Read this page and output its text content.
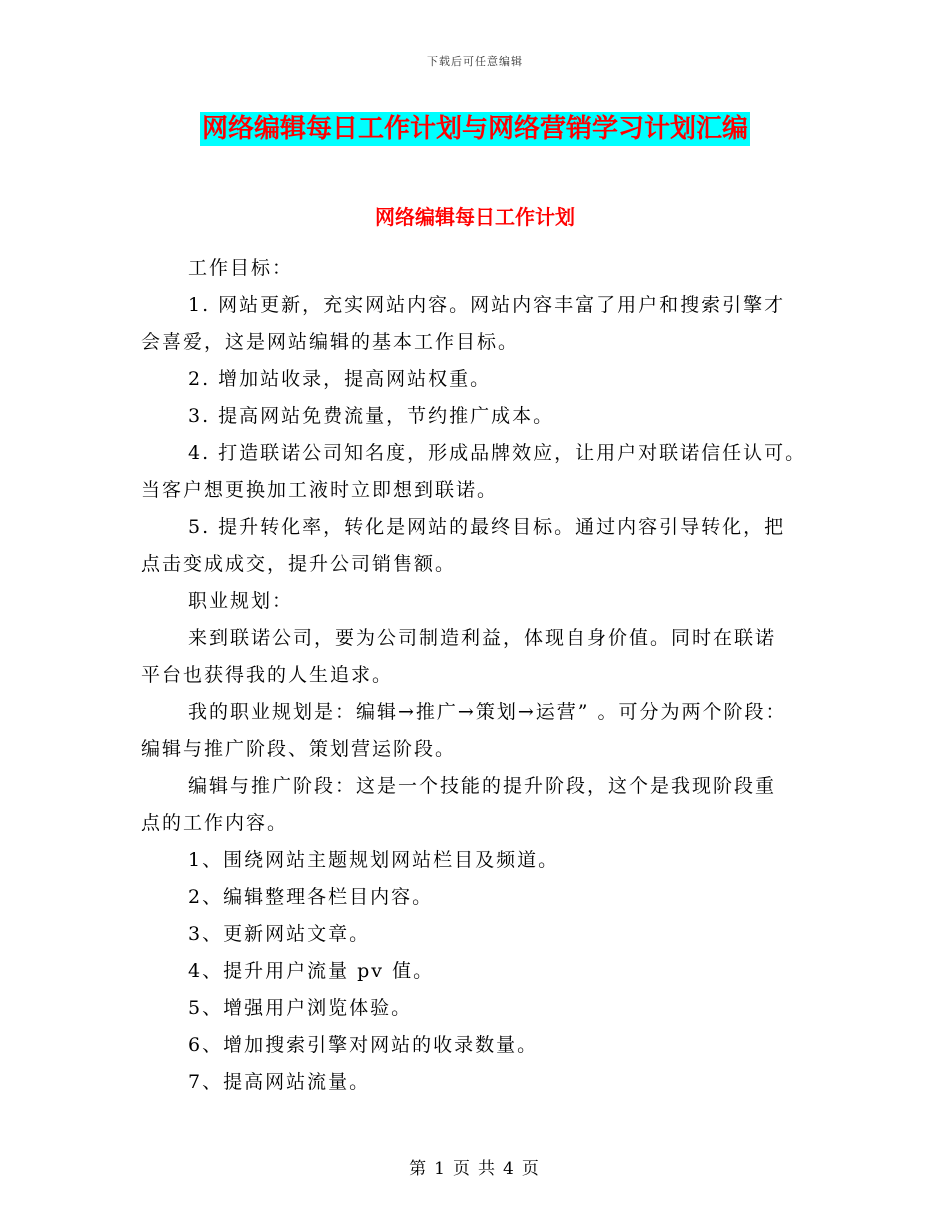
下载后可任意编辑
网络编辑每日工作计划与网络营销学习计划汇编
网络编辑每日工作计划

工作目标：

1. 网站更新，充实网站内容。网站内容丰富了用户和搜索引擎才
会喜爱，这是网站编辑的基本工作目标。

2. 增加站收录，提高网站权重。

3. 提高网站免费流量，节约推广成本。

4. 打造联诺公司知名度，形成品牌效应，让用户对联诺信任认可。
当客户想更换加工液时立即想到联诺。

5. 提升转化率，转化是网站的最终目标。通过内容引导转化，把
点击变成成交，提升公司销售额。

职业规划：

来到联诺公司，要为公司制造利益，体现自身价值。同时在联诺
平台也获得我的人生追求。

我的职业规划是：编辑→推广→策划→运营” 。可分为两个阶段：
编辑与推广阶段、策划营运阶段。

编辑与推广阶段：这是一个技能的提升阶段，这个是我现阶段重
点的工作内容。

1、围绕网站主题规划网站栏目及频道。

2、编辑整理各栏目内容。

3、更新网站文章。

4、提升用户流量 pv 值。

5、增强用户浏览体验。

6、增加搜索引擎对网站的收录数量。

7、提高网站流量。

第 1 页 共 4 页
